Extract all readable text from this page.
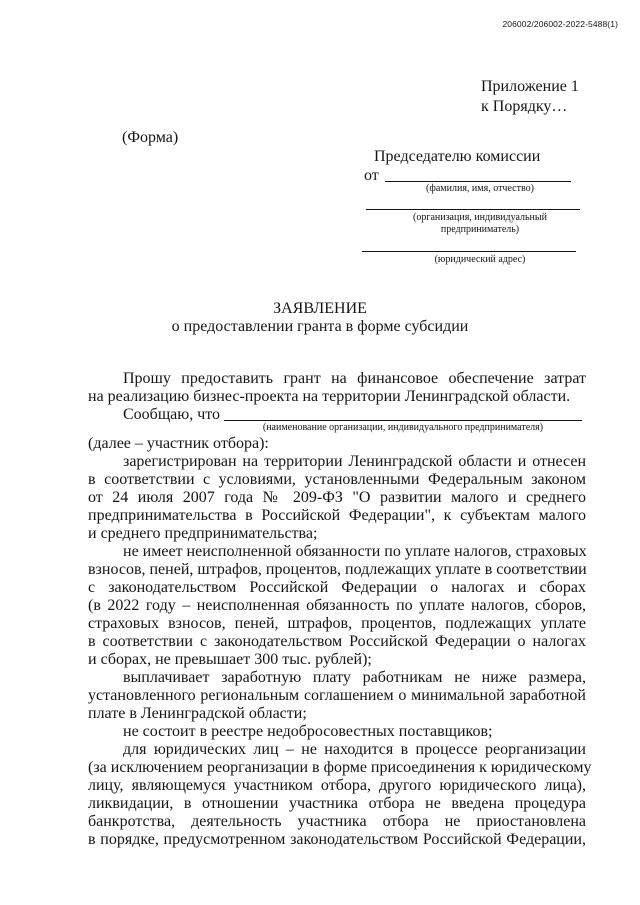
206002/206002-2022-5488(1)
Приложение 1
к Порядку…
(Форма)
Председателю комиссии
от
(фамилия, имя, отчество)
(организация, индивидуальный
предприниматель)
(юридический адрес)
ЗАЯВЛЕНИЕ
о предоставлении гранта в форме субсидии
Прошу предоставить грант на финансовое обеспечение затрат
на реализацию бизнес-проекта на территории Ленинградской области.
Сообщаю, что
(наименование организации, индивидуального предпринимателя)
(далее – участник отбора):
зарегистрирован на территории Ленинградской области и отнесен
в соответствии с условиями, установленными Федеральным законом
от 24 июля 2007 года № 209-ФЗ "О развитии малого и среднего
предпринимательства в Российской Федерации", к субъектам малого
и среднего предпринимательства;
не имеет неисполненной обязанности по уплате налогов, страховых
взносов, пеней, штрафов, процентов, подлежащих уплате в соответствии
с законодательством Российской Федерации о налогах и сборах
(в 2022 году – неисполненная обязанность по уплате налогов, сборов,
страховых взносов, пеней, штрафов, процентов, подлежащих уплате
в соответствии с законодательством Российской Федерации о налогах
и сборах, не превышает 300 тыс. рублей);
выплачивает заработную плату работникам не ниже размера,
установленного региональным соглашением о минимальной заработной
плате в Ленинградской области;
не состоит в реестре недобросовестных поставщиков;
для юридических лиц – не находится в процессе реорганизации
(за исключением реорганизации в форме присоединения к юридическому
лицу, являющемуся участником отбора, другого юридического лица),
ликвидации, в отношении участника отбора не введена процедура
банкротства, деятельность участника отбора не приостановлена
в порядке, предусмотренном законодательством Российской Федерации,
